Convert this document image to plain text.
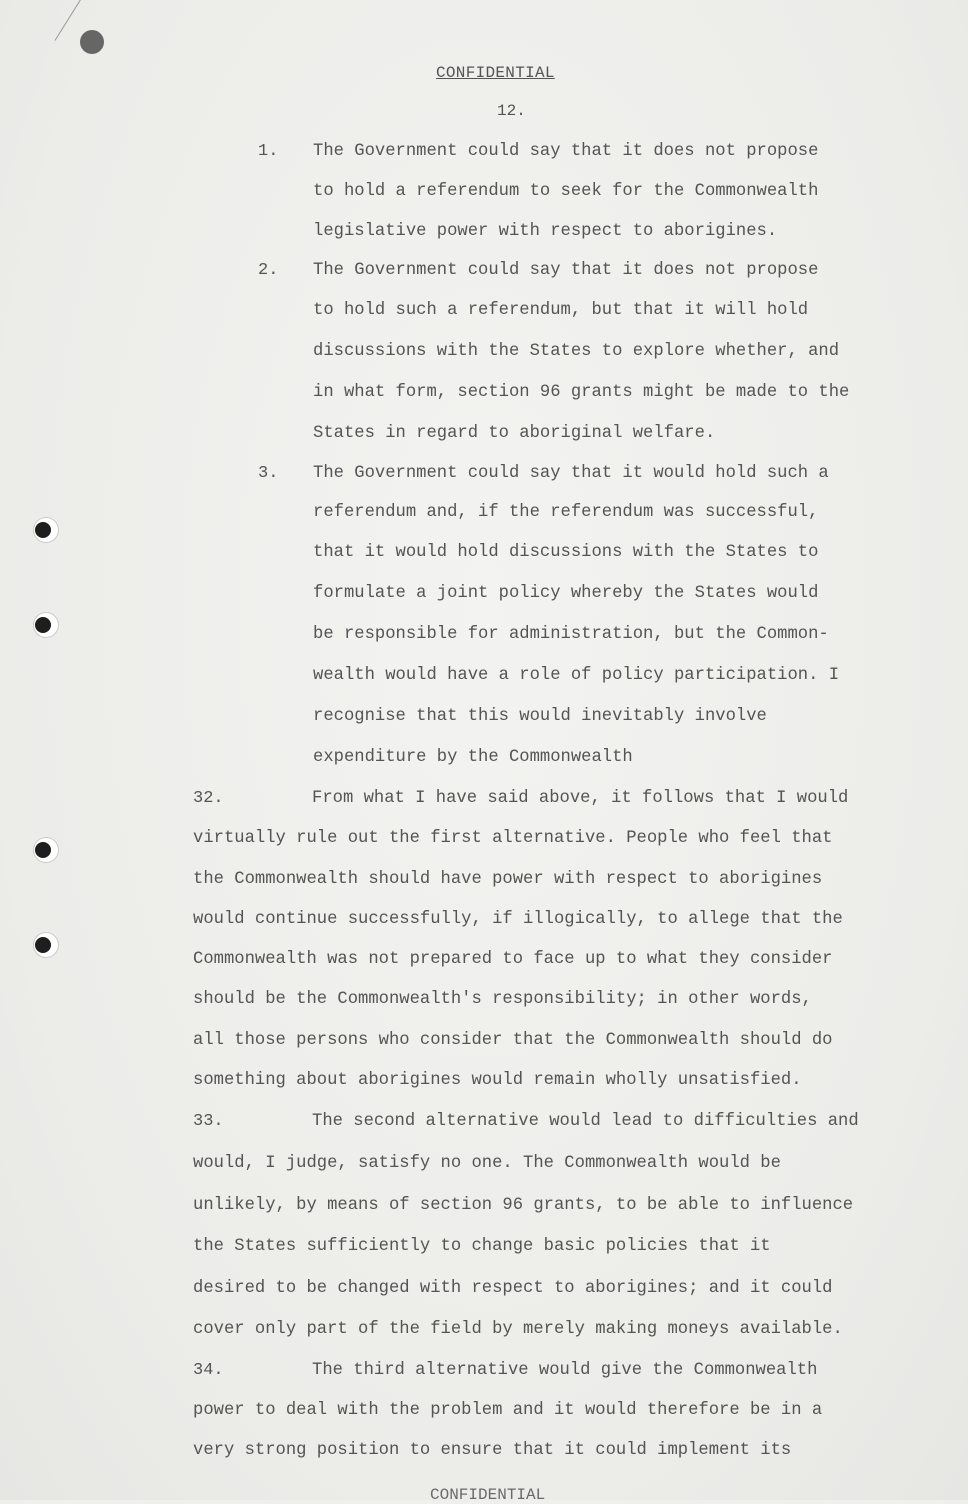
CONFIDENTIAL
12.
1. The Government could say that it does not propose
to hold a referendum to seek for the Commonwealth
legislative power with respect to aborigines.
2. The Government could say that it does not propose
to hold such a referendum, but that it will hold
discussions with the States to explore whether, and
in what form, section 96 grants might be made to the
States in regard to aboriginal welfare.
3. The Government could say that it would hold such a
referendum and, if the referendum was successful,
that it would hold discussions with the States to
formulate a joint policy whereby the States would
be responsible for administration, but the Common-
wealth would have a role of policy participation. I
recognise that this would inevitably involve
expenditure by the Commonwealth
32.	From what I have said above, it follows that I would
virtually rule out the first alternative. People who feel that
the Commonwealth should have power with respect to aborigines
would continue successfully, if illogically, to allege that the
Commonwealth was not prepared to face up to what they consider
should be the Commonwealth's responsibility; in other words,
all those persons who consider that the Commonwealth should do
something about aborigines would remain wholly unsatisfied.
33.	The second alternative would lead to difficulties and
would, I judge, satisfy no one. The Commonwealth would be
unlikely, by means of section 96 grants, to be able to influence
the States sufficiently to change basic policies that it
desired to be changed with respect to aborigines; and it could
cover only part of the field by merely making moneys available.
34.	The third alternative would give the Commonwealth
power to deal with the problem and it would therefore be in a
very strong position to ensure that it could implement its
CONFIDENTIAL
